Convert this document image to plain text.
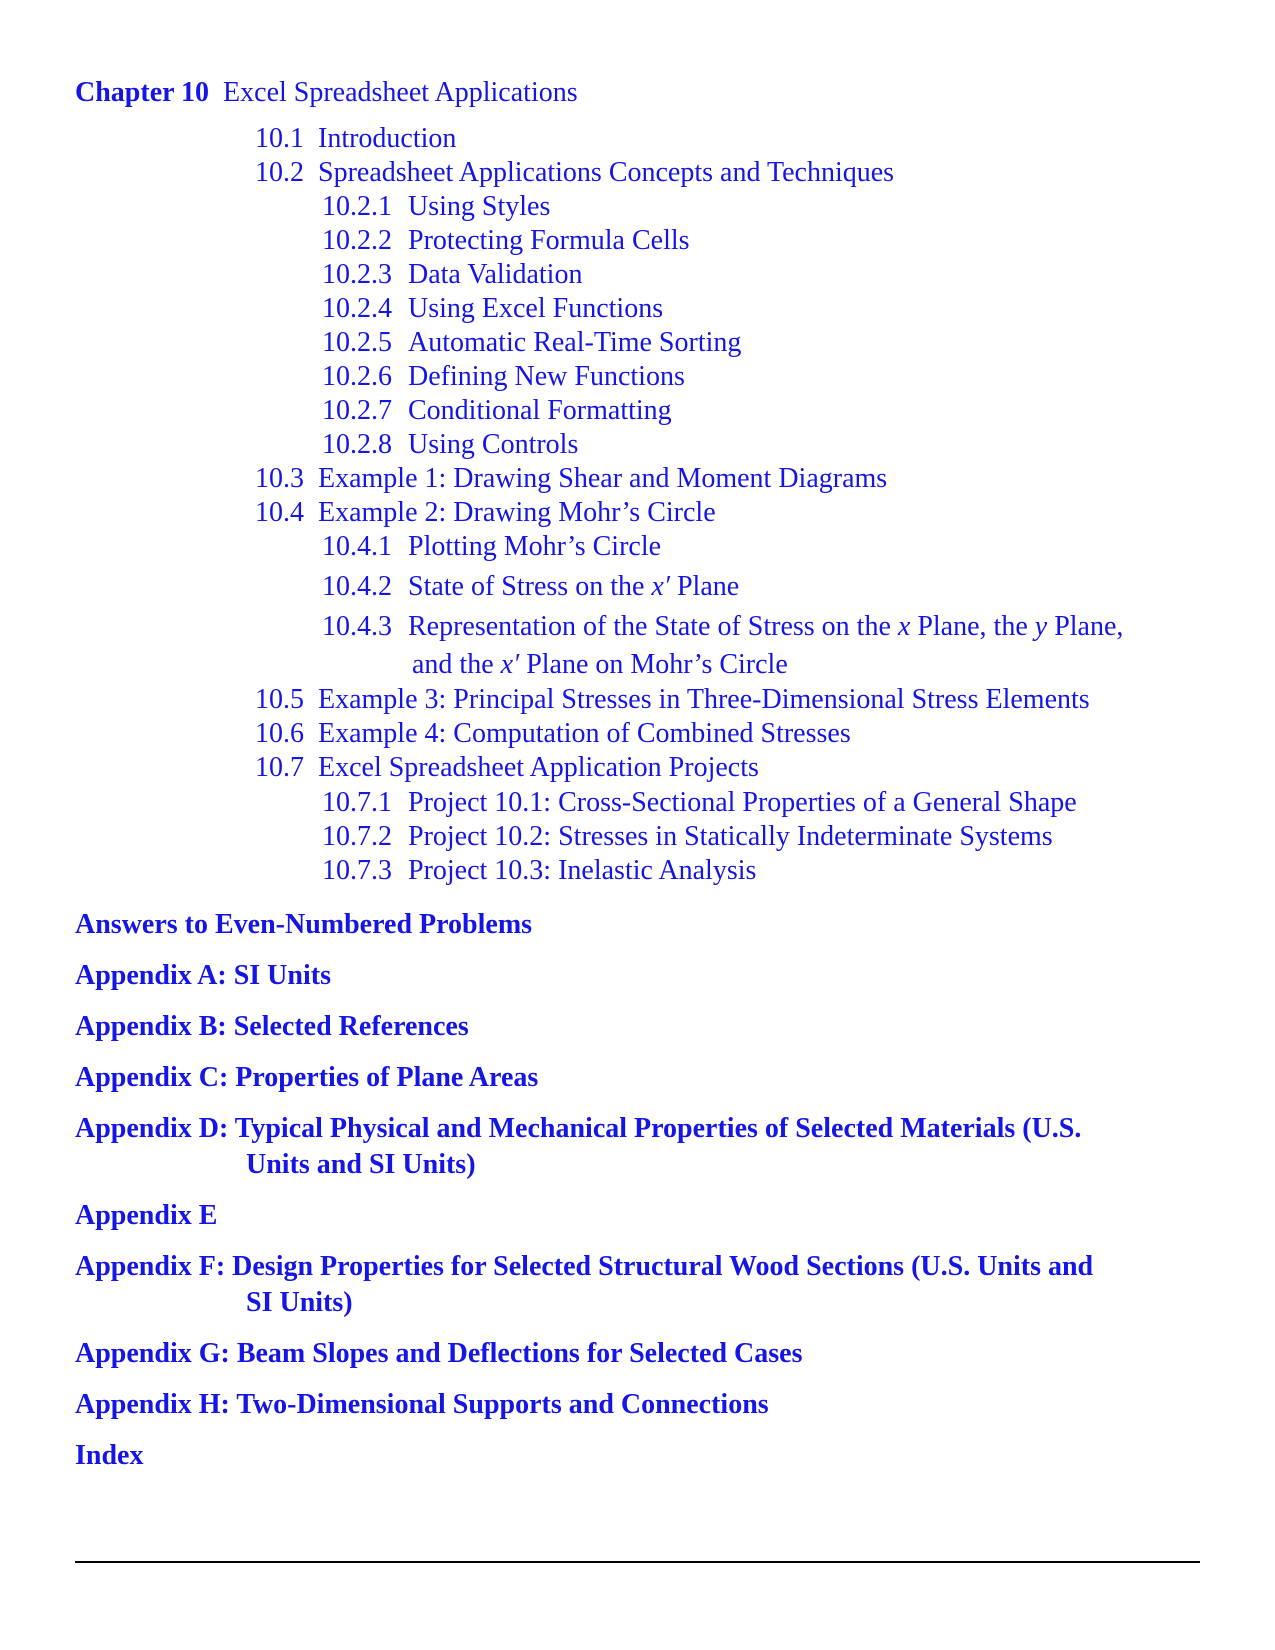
Chapter 10 Excel Spreadsheet Applications
10.1 Introduction
10.2 Spreadsheet Applications Concepts and Techniques
10.2.1 Using Styles
10.2.2 Protecting Formula Cells
10.2.3 Data Validation
10.2.4 Using Excel Functions
10.2.5 Automatic Real-Time Sorting
10.2.6 Defining New Functions
10.2.7 Conditional Formatting
10.2.8 Using Controls
10.3 Example 1: Drawing Shear and Moment Diagrams
10.4 Example 2: Drawing Mohr’s Circle
10.4.1 Plotting Mohr’s Circle
10.4.2 State of Stress on the x′ Plane
10.4.3 Representation of the State of Stress on the x Plane, the y Plane,
and the x′ Plane on Mohr’s Circle
10.5 Example 3: Principal Stresses in Three-Dimensional Stress Elements
10.6 Example 4: Computation of Combined Stresses
10.7 Excel Spreadsheet Application Projects
10.7.1 Project 10.1: Cross-Sectional Properties of a General Shape
10.7.2 Project 10.2: Stresses in Statically Indeterminate Systems
10.7.3 Project 10.3: Inelastic Analysis
Answers to Even-Numbered Problems
Appendix A: SI Units
Appendix B: Selected References
Appendix C: Properties of Plane Areas
Appendix D: Typical Physical and Mechanical Properties of Selected Materials (U.S.
Units and SI Units)
Appendix E
Appendix F: Design Properties for Selected Structural Wood Sections (U.S. Units and
SI Units)
Appendix G: Beam Slopes and Deflections for Selected Cases
Appendix H: Two-Dimensional Supports and Connections
Index
